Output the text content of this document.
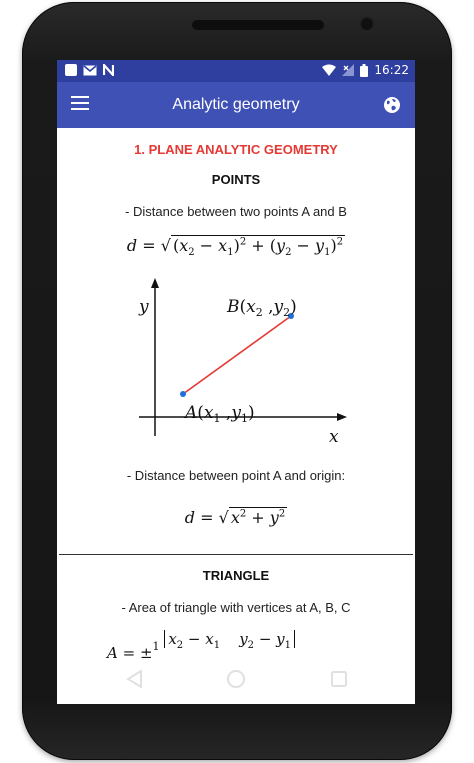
16:22
Analytic geometry
1. PLANE ANALYTIC GEOMETRY
POINTS
- Distance between two points A and B
d = √ $(x_2 - x_1)^2 + (y_2 - y_1)^2$
y
x
$B(x_2$ $,y_2$)
$A(x_1$ $,y_1$)
- Distance between point A and origin:
d = √ $x^2 + y^2$
TRIANGLE
- Area of triangle with vertices at A, B, C
A = ±$^1$ $x_2 - x_1$ $y_2 - y_1$
